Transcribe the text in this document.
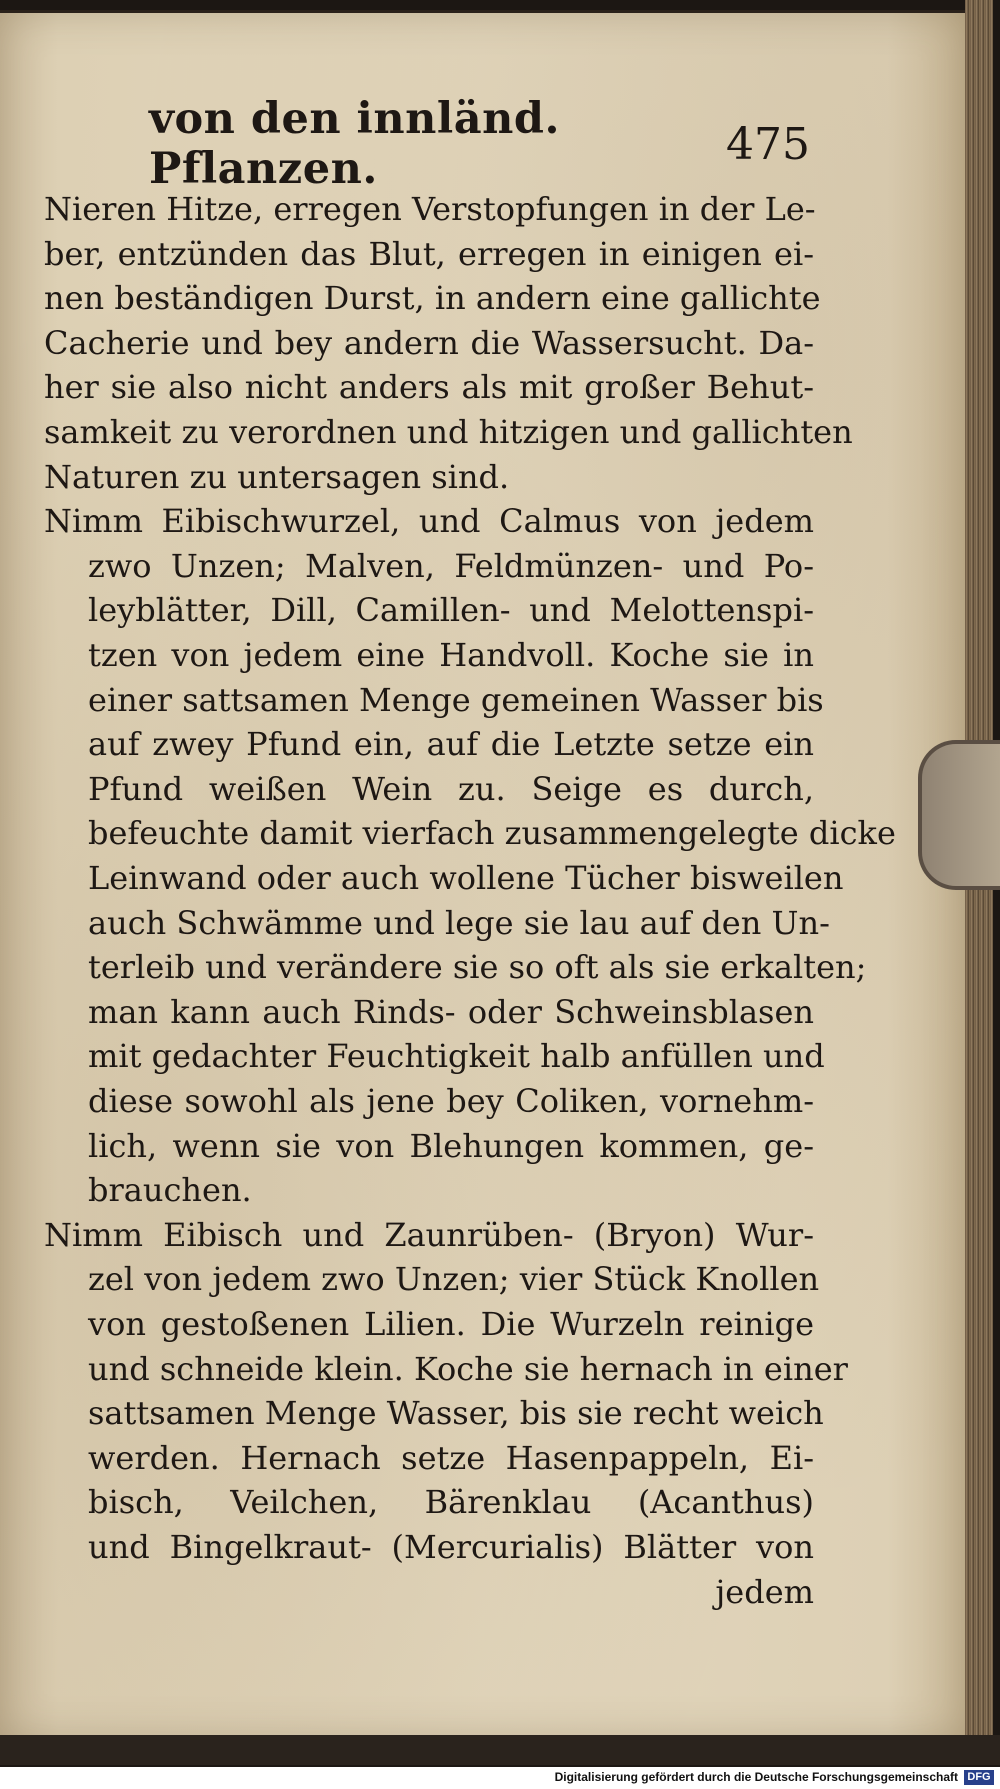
von den innländ. Pflanzen.	475
Nieren Hitze, erregen Verstopfungen in der Le-
ber, entzünden das Blut, erregen in einigen ei-
nen beständigen Durst, in andern eine gallichte
Cacherie und bey andern die Wassersucht. Da-
her sie also nicht anders als mit großer Behut-
samkeit zu verordnen und hitzigen und gallichten
Naturen zu untersagen sind.
Nimm Eibischwurzel, und Calmus von jedem
zwo Unzen; Malven, Feldmünzen- und Po-
leyblätter, Dill, Camillen- und Melottenspi-
tzen von jedem eine Handvoll. Koche sie in
einer sattsamen Menge gemeinen Wasser bis
auf zwey Pfund ein, auf die Letzte setze ein
Pfund weißen Wein zu. Seige es durch,
befeuchte damit vierfach zusammengelegte dicke
Leinwand oder auch wollene Tücher bisweilen
auch Schwämme und lege sie lau auf den Un-
terleib und verändere sie so oft als sie erkalten;
man kann auch Rinds- oder Schweinsblasen
mit gedachter Feuchtigkeit halb anfüllen und
diese sowohl als jene bey Coliken, vornehm-
lich, wenn sie von Blehungen kommen, ge-
brauchen.
Nimm Eibisch und Zaunrüben- (Bryon) Wur-
zel von jedem zwo Unzen; vier Stück Knollen
von gestoßenen Lilien. Die Wurzeln reinige
und schneide klein. Koche sie hernach in einer
sattsamen Menge Wasser, bis sie recht weich
werden. Hernach setze Hasenpappeln, Ei-
bisch, Veilchen, Bärenklau (Acanthus)
und Bingelkraut- (Mercurialis) Blätter von
jedem
Digitalisierung gefördert durch die Deutsche Forschungsgemeinschaft DFG
